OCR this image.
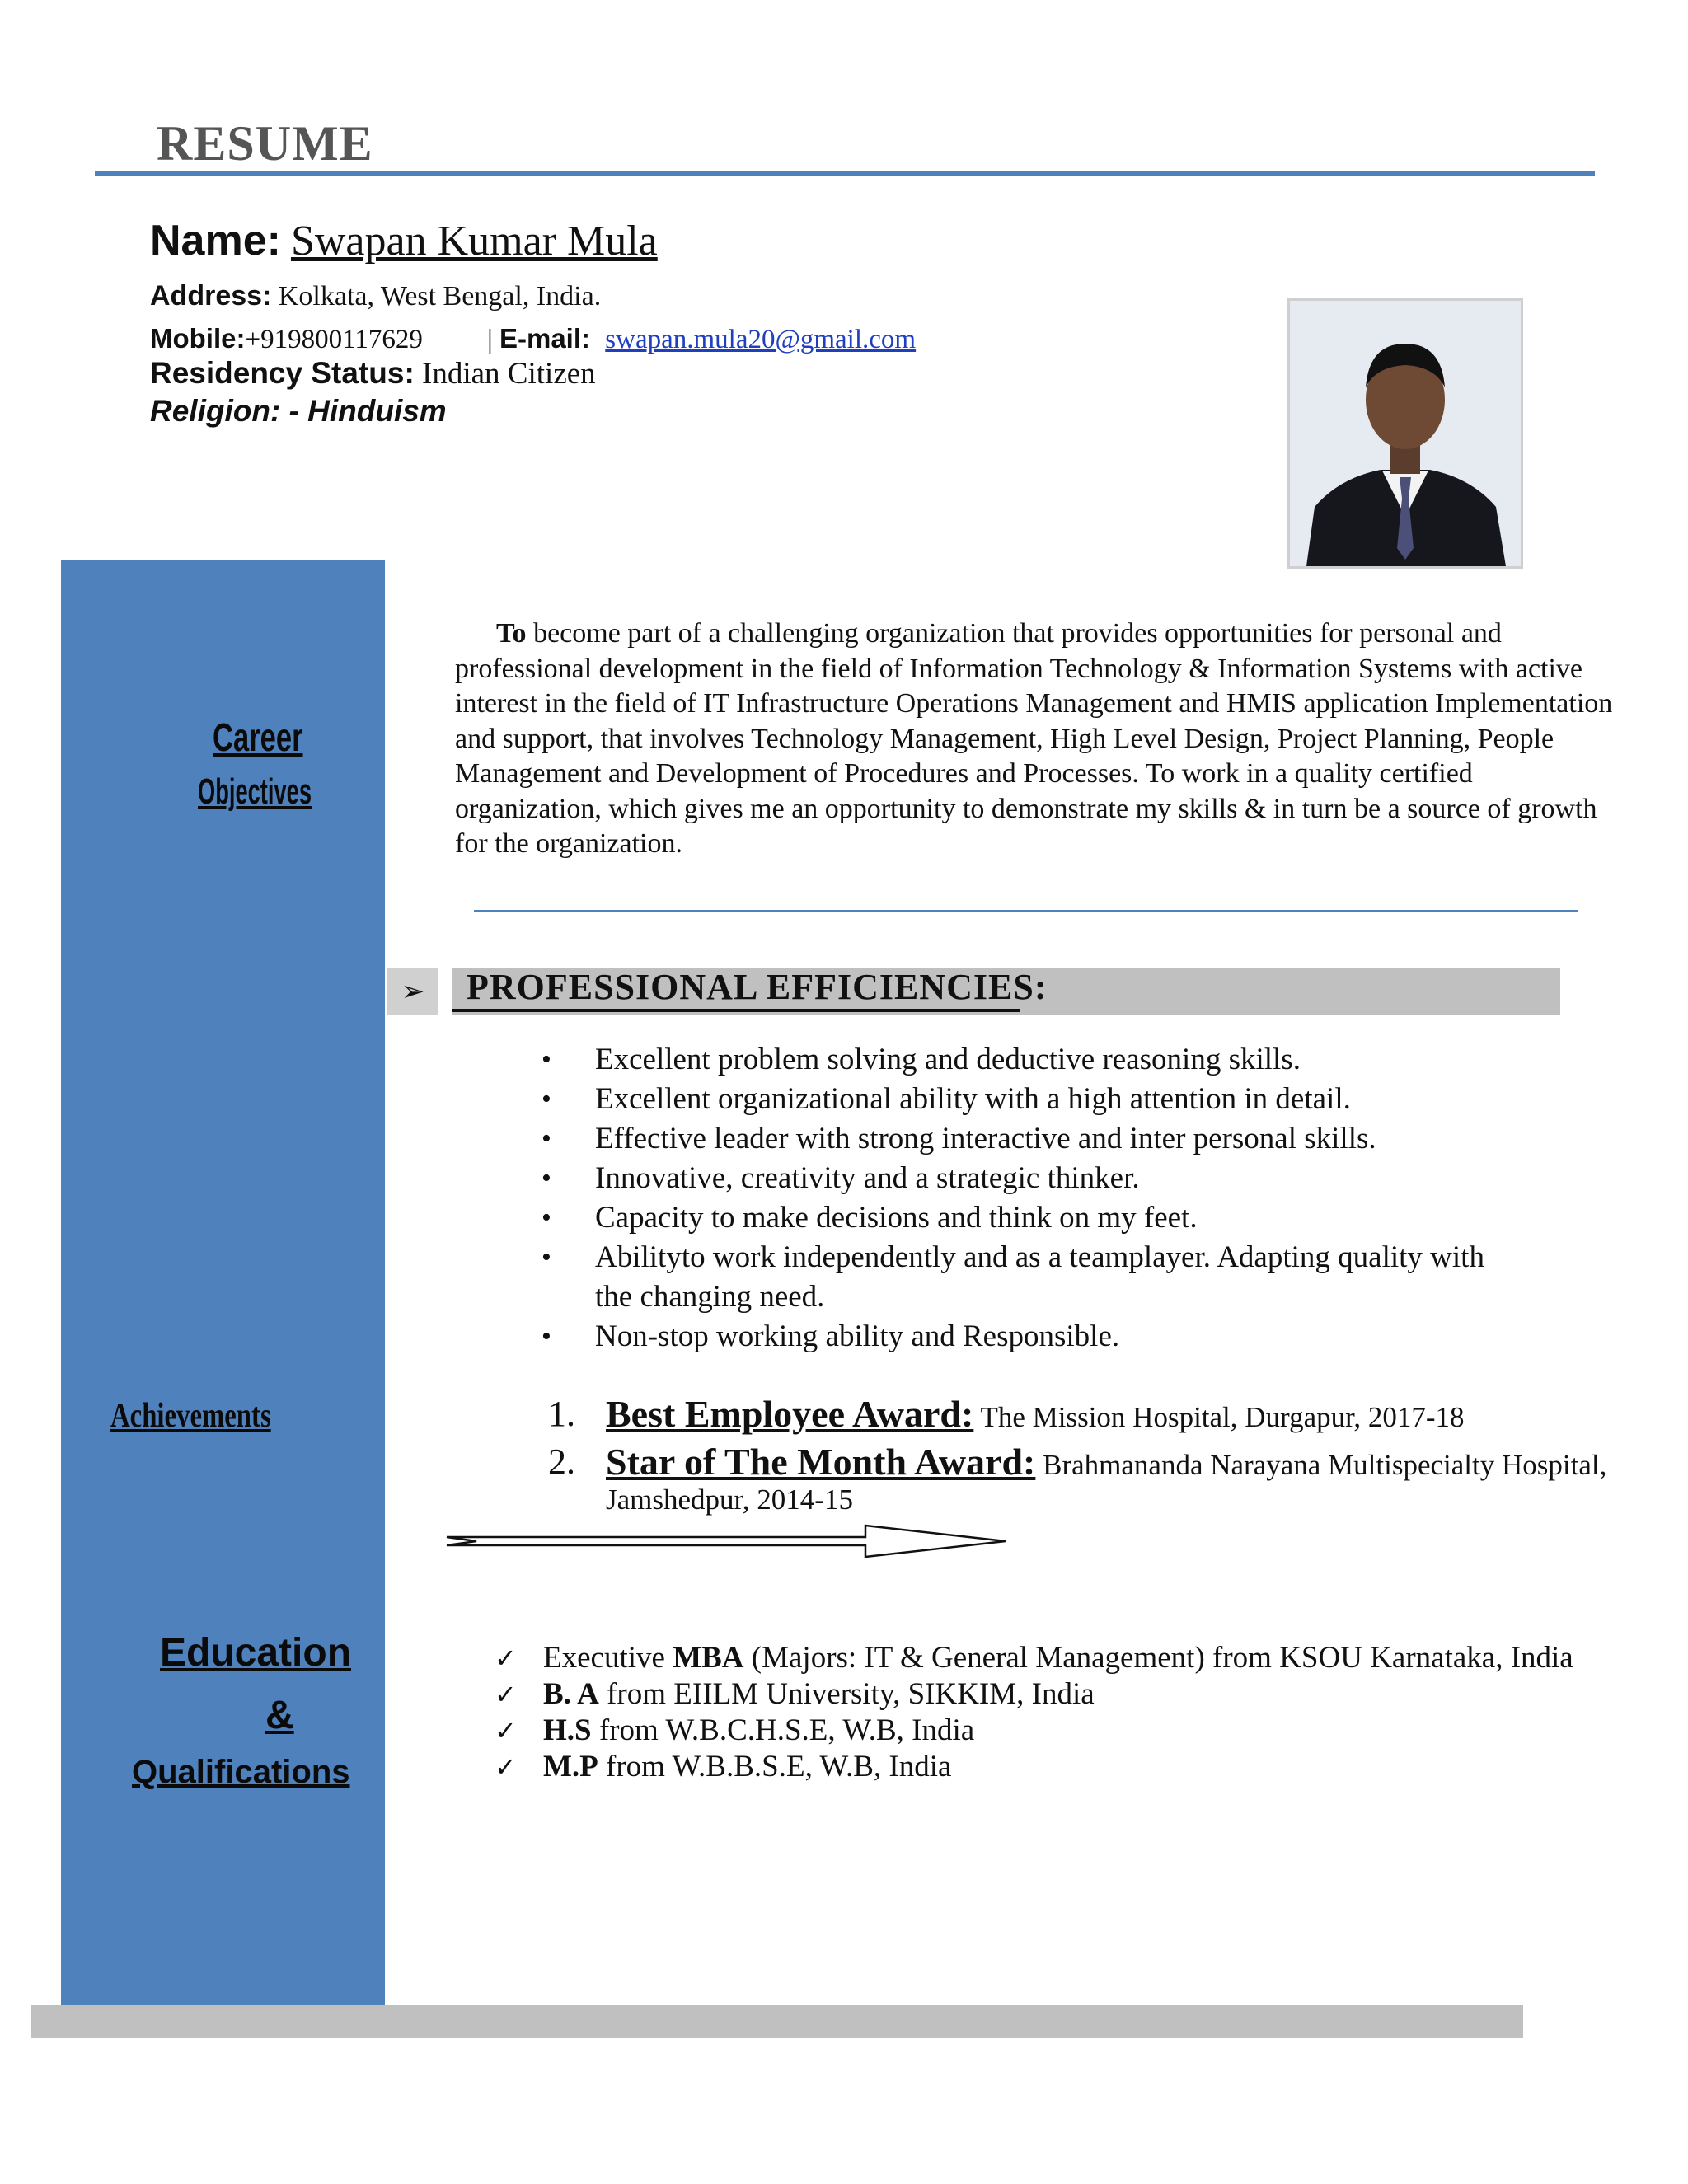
RESUME
Name: Swapan Kumar Mula
Address: Kolkata, West Bengal, India.
Mobile:+919800117629 | E-mail: swapan.mula20@gmail.com
Residency Status: Indian Citizen
Religion: - Hinduism
Career
Objectives
Achievements
Education
&
Qualifications
To become part of a challenging organization that provides opportunities for personal and professional development in the field of Information Technology & Information Systems with active interest in the field of IT Infrastructure Operations Management and HMIS application Implementation and support, that involves Technology Management, High Level Design, Project Planning, People Management and Development of Procedures and Processes. To work in a quality certified organization, which gives me an opportunity to demonstrate my skills & in turn be a source of growth for the organization.
➢	PROFESSIONAL EFFICIENCIES:
• Excellent problem solving and deductive reasoning skills.
• Excellent organizational ability with a high attention in detail.
• Effective leader with strong interactive and inter personal skills.
• Innovative, creativity and a strategic thinker.
• Capacity to make decisions and think on my feet.
• Abilityto work independently and as a teamplayer. Adapting quality with the changing need.
• Non-stop working ability and Responsible.
1. Best Employee Award: The Mission Hospital, Durgapur, 2017-18
2. Star of The Month Award: Brahmananda Narayana Multispecialty Hospital, Jamshedpur, 2014-15
✓ Executive MBA (Majors: IT & General Management) from KSOU Karnataka, India
✓ B. A from EIILM University, SIKKIM, India
✓ H.S from W.B.C.H.S.E, W.B, India
✓ M.P from W.B.B.S.E, W.B, India
